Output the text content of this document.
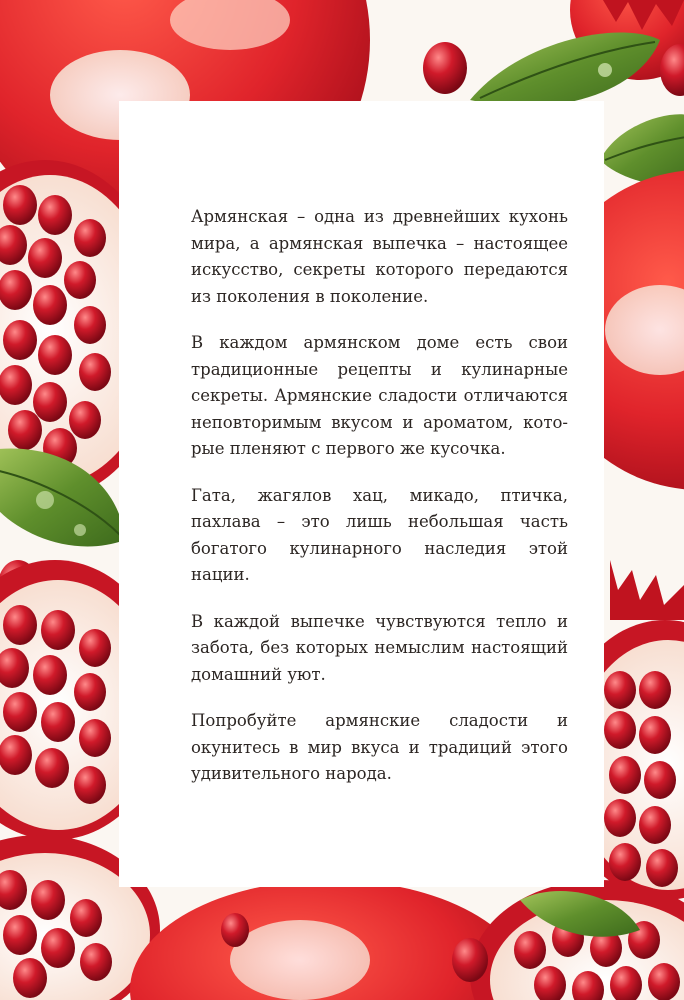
Армянская – одна из древнейших кухонь мира, а армянская выпечка – настоящее искусство, секреты которого передаются из поколения в поколение.

В каждом армянском доме есть свои традиционные рецепты и кулинарные секреты. Армянские сладости отличаются неповторимым вкусом и ароматом, которые пленяют с первого же кусочка.

Гата, жагялов хац, микадо, птичка, пахлава – это лишь небольшая часть богатого кулинарного наследия этой нации.

В каждой выпечке чувствуются тепло и забота, без которых немыслим настоящий домашний уют.

Попробуйте армянские сладости и окунитесь в мир вкуса и традиций этого удивительного народа.
